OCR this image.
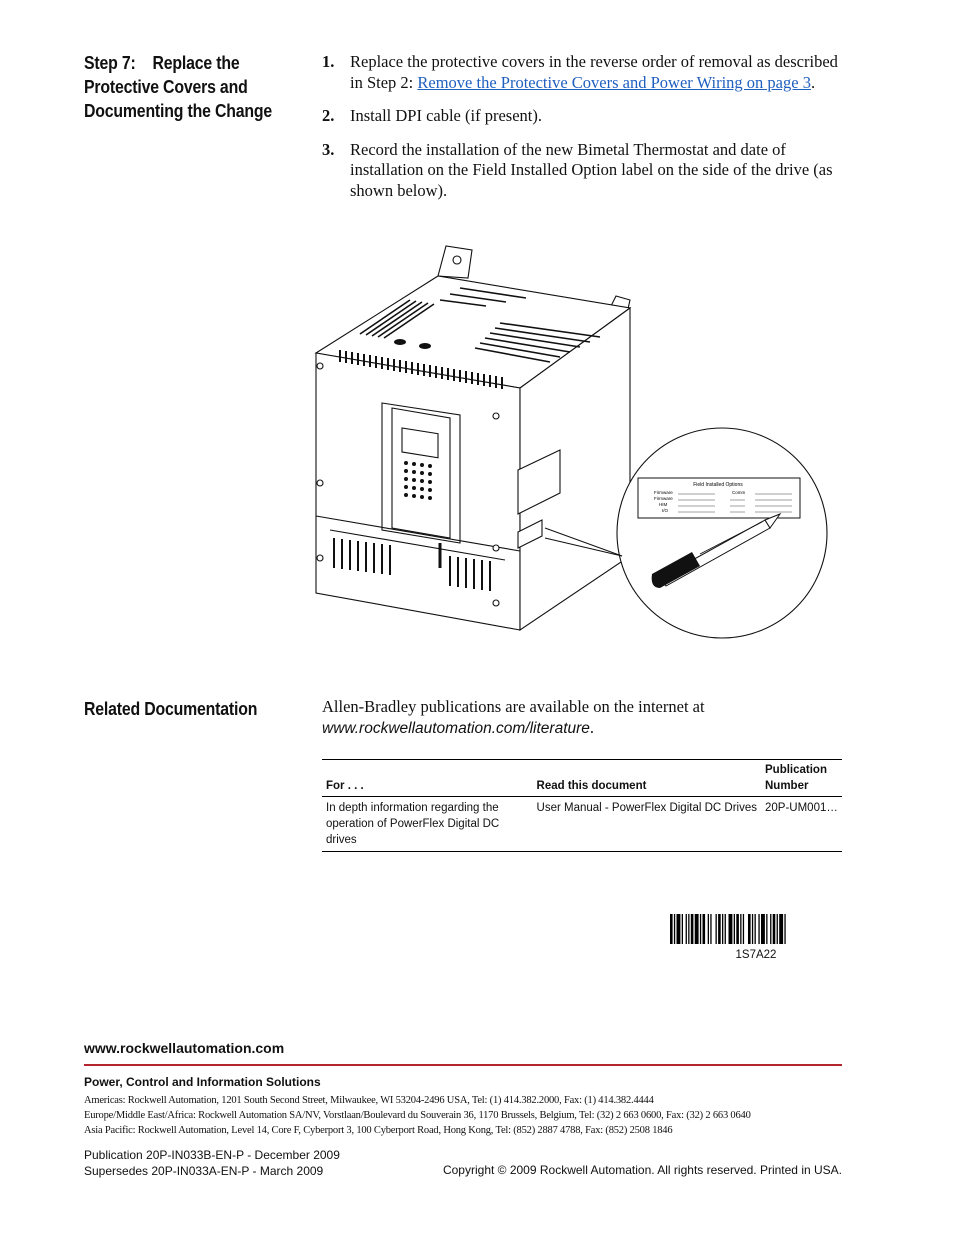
Step 7:    Replace the
Protective Covers and
Documenting the Change
1. Replace the protective covers in the reverse order of removal as described in Step 2: Remove the Protective Covers and Power Wiring on page 3.
2. Install DPI cable (if present).
3. Record the installation of the new Bimetal Thermostat and date of installation on the Field Installed Option label on the side of the drive (as shown below).
Field Installed Options
Firmware
Firmware
HIM
I/O
Comm
Related Documentation	Allen-Bradley publications are available on the internet at
www.rockwellautomation.com/literature.
For . . .	Read this document	Publication Number
In depth information regarding the operation of PowerFlex Digital DC drives	User Manual - PowerFlex Digital DC Drives	20P-UM001…
1S7A22
www.rockwellautomation.com
Power, Control and Information Solutions
Americas: Rockwell Automation, 1201 South Second Street, Milwaukee, WI 53204-2496 USA, Tel: (1) 414.382.2000, Fax: (1) 414.382.4444
Europe/Middle East/Africa: Rockwell Automation SA/NV, Vorstlaan/Boulevard du Souverain 36, 1170 Brussels, Belgium, Tel: (32) 2 663 0600, Fax: (32) 2 663 0640
Asia Pacific: Rockwell Automation, Level 14, Core F, Cyberport 3, 100 Cyberport Road, Hong Kong, Tel: (852) 2887 4788, Fax: (852) 2508 1846
Publication 20P-IN033B-EN-P - December 2009
Supersedes 20P-IN033A-EN-P - March 2009	Copyright © 2009 Rockwell Automation. All rights reserved. Printed in USA.
